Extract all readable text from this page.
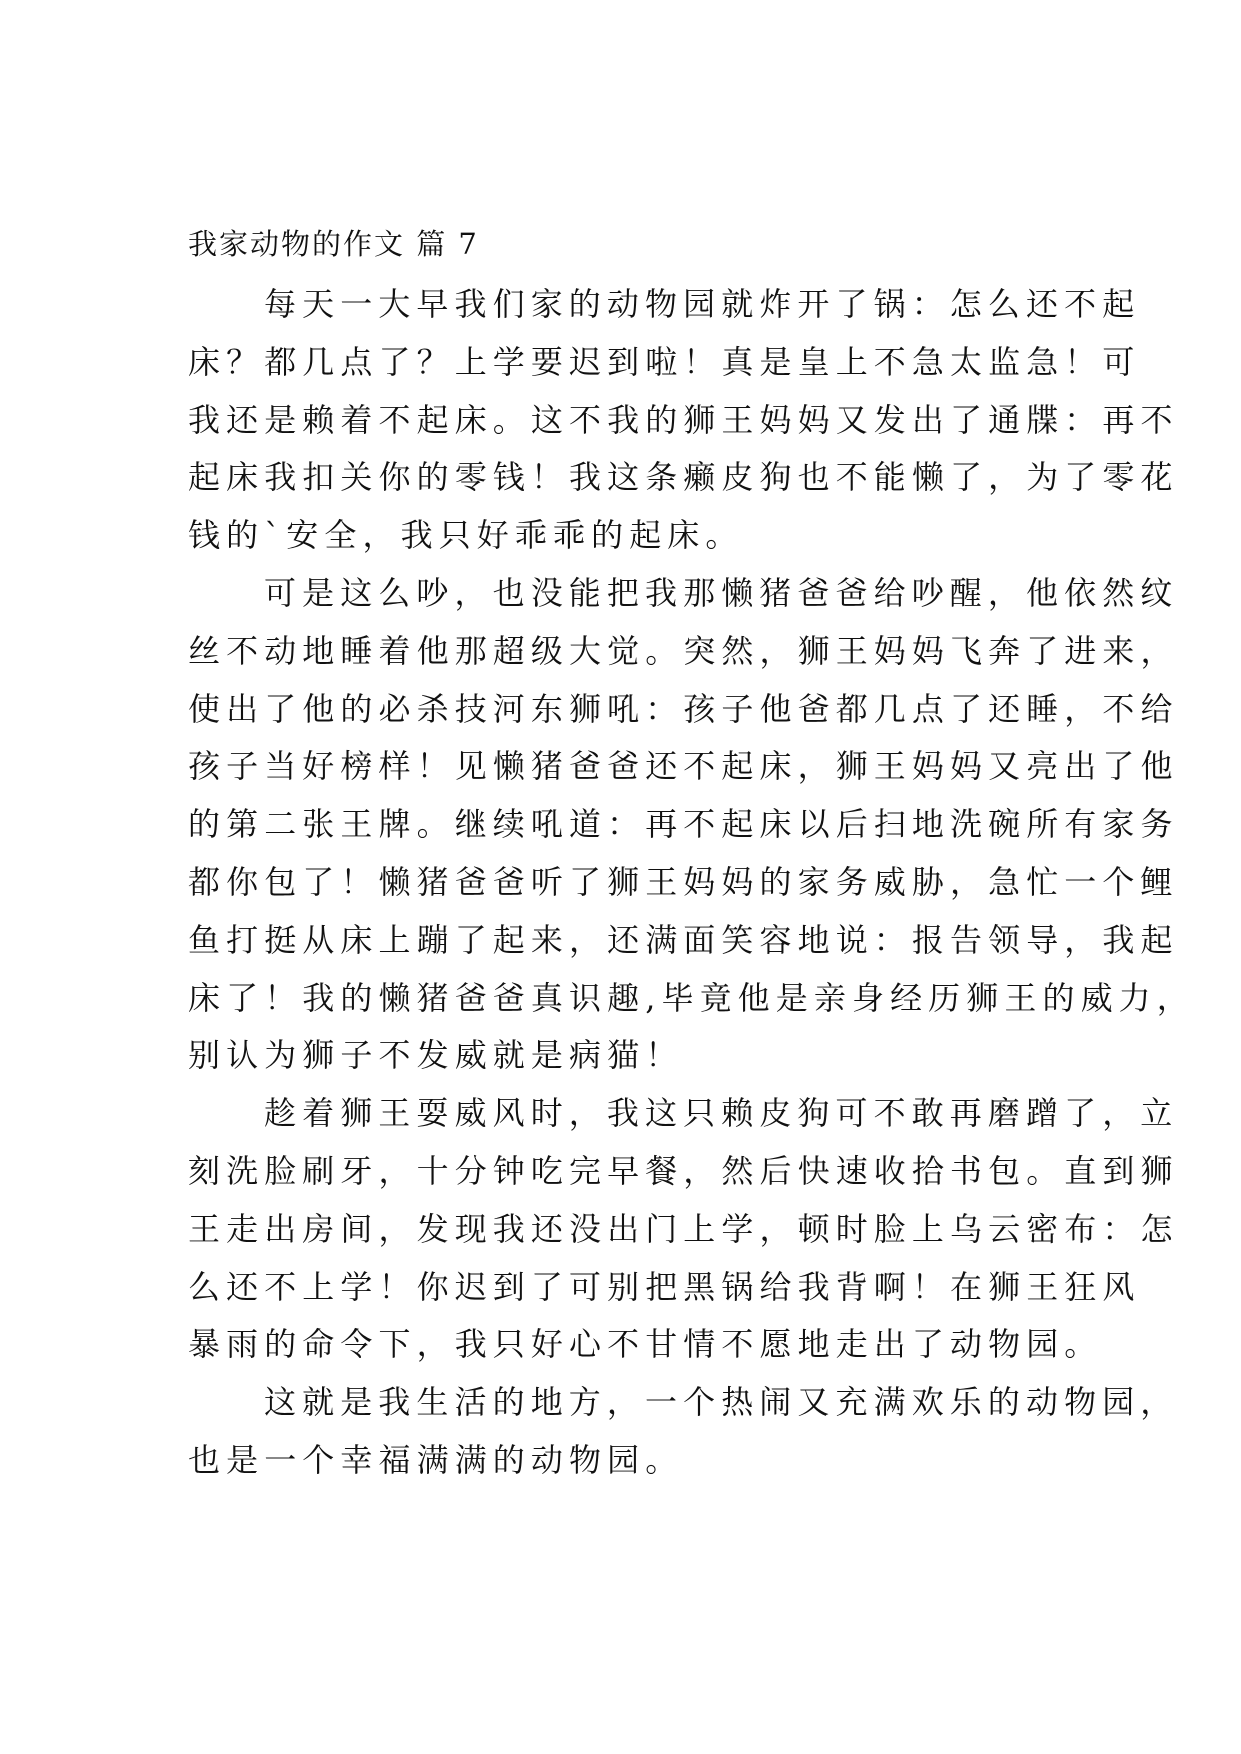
我家动物的作文 篇 7

每天一大早我们家的动物园就炸开了锅：怎么还不起
床？都几点了？上学要迟到啦！真是皇上不急太监急！可
我还是赖着不起床。这不我的狮王妈妈又发出了通牒：再不
起床我扣关你的零钱！我这条癞皮狗也不能懒了，为了零花
钱的`安全，我只好乖乖的起床。

可是这么吵，也没能把我那懒猪爸爸给吵醒，他依然纹
丝不动地睡着他那超级大觉。突然，狮王妈妈飞奔了进来，
使出了他的必杀技河东狮吼：孩子他爸都几点了还睡，不给
孩子当好榜样！见懒猪爸爸还不起床，狮王妈妈又亮出了他
的第二张王牌。继续吼道：再不起床以后扫地洗碗所有家务
都你包了！懒猪爸爸听了狮王妈妈的家务威胁，急忙一个鲤
鱼打挺从床上蹦了起来，还满面笑容地说：报告领导，我起
床了！我的懒猪爸爸真识趣,毕竟他是亲身经历狮王的威力，
别认为狮子不发威就是病猫！

趁着狮王耍威风时，我这只赖皮狗可不敢再磨蹭了，立
刻洗脸刷牙，十分钟吃完早餐，然后快速收拾书包。直到狮
王走出房间，发现我还没出门上学，顿时脸上乌云密布：怎
么还不上学！你迟到了可别把黑锅给我背啊！在狮王狂风
暴雨的命令下，我只好心不甘情不愿地走出了动物园。

这就是我生活的地方，一个热闹又充满欢乐的动物园，
也是一个幸福满满的动物园。
